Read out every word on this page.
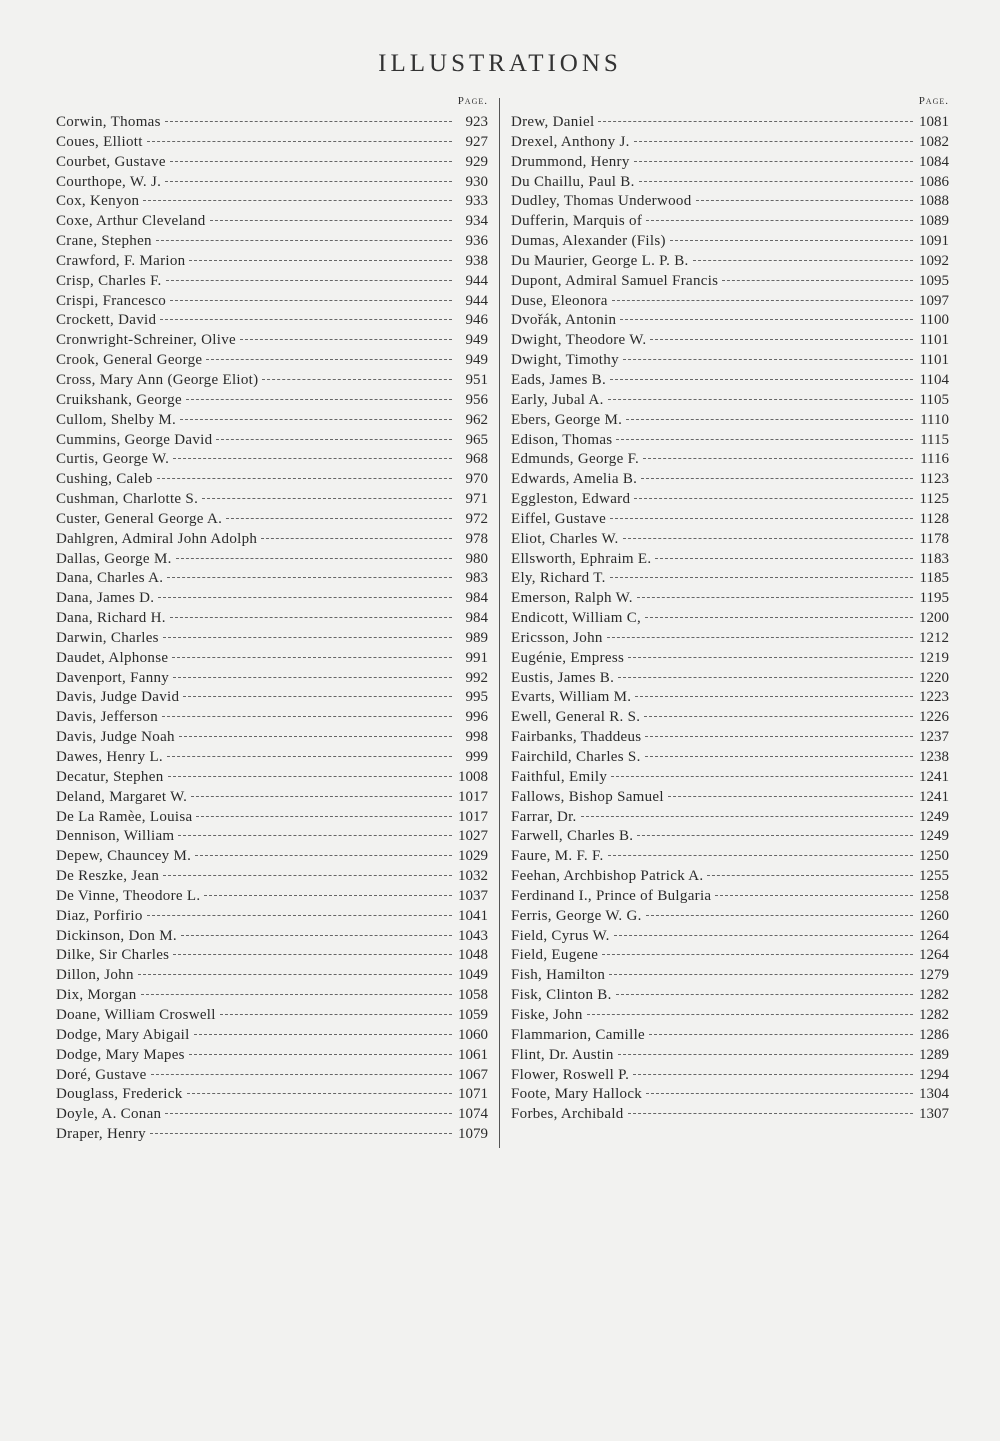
ILLUSTRATIONS
Page.
Corwin, Thomas	923
Coues, Elliott	927
Courbet, Gustave	929
Courthope, W. J.	930
Cox, Kenyon	933
Coxe, Arthur Cleveland	934
Crane, Stephen	936
Crawford, F. Marion	938
Crisp, Charles F.	944
Crispi, Francesco	944
Crockett, David	946
Cronwright-Schreiner, Olive	949
Crook, General George	949
Cross, Mary Ann (George Eliot)	951
Cruikshank, George	956
Cullom, Shelby M.	962
Cummins, George David	965
Curtis, George W.	968
Cushing, Caleb	970
Cushman, Charlotte S.	971
Custer, General George A.	972
Dahlgren, Admiral John Adolph	978
Dallas, George M.	980
Dana, Charles A.	983
Dana, James D.	984
Dana, Richard H.	984
Darwin, Charles	989
Daudet, Alphonse	991
Davenport, Fanny	992
Davis, Judge David	995
Davis, Jefferson	996
Davis, Judge Noah	998
Dawes, Henry L.	999
Decatur, Stephen	1008
Deland, Margaret W.	1017
De La Ramèe, Louisa	1017
Dennison, William	1027
Depew, Chauncey M.	1029
De Reszke, Jean	1032
De Vinne, Theodore L.	1037
Diaz, Porfirio	1041
Dickinson, Don M.	1043
Dilke, Sir Charles	1048
Dillon, John	1049
Dix, Morgan	1058
Doane, William Croswell	1059
Dodge, Mary Abigail	1060
Dodge, Mary Mapes	1061
Doré, Gustave	1067
Douglass, Frederick	1071
Doyle, A. Conan	1074
Draper, Henry	1079
Page.
Drew, Daniel	1081
Drexel, Anthony J.	1082
Drummond, Henry	1084
Du Chaillu, Paul B.	1086
Dudley, Thomas Underwood	1088
Dufferin, Marquis of	1089
Dumas, Alexander (Fils)	1091
Du Maurier, George L. P. B.	1092
Dupont, Admiral Samuel Francis	1095
Duse, Eleonora	1097
Dvořák, Antonin	1100
Dwight, Theodore W.	1101
Dwight, Timothy	1101
Eads, James B.	1104
Early, Jubal A.	1105
Ebers, George M.	1110
Edison, Thomas	1115
Edmunds, George F.	1116
Edwards, Amelia B.	1123
Eggleston, Edward	1125
Eiffel, Gustave	1128
Eliot, Charles W.	1178
Ellsworth, Ephraim E.	1183
Ely, Richard T.	1185
Emerson, Ralph W.	1195
Endicott, William C,	1200
Ericsson, John	1212
Eugénie, Empress	1219
Eustis, James B.	1220
Evarts, William M.	1223
Ewell, General R. S.	1226
Fairbanks, Thaddeus	1237
Fairchild, Charles S.	1238
Faithful, Emily	1241
Fallows, Bishop Samuel	1241
Farrar, Dr.	1249
Farwell, Charles B.	1249
Faure, M. F. F.	1250
Feehan, Archbishop Patrick A.	1255
Ferdinand I., Prince of Bulgaria	1258
Ferris, George W. G.	1260
Field, Cyrus W.	1264
Field, Eugene	1264
Fish, Hamilton	1279
Fisk, Clinton B.	1282
Fiske, John	1282
Flammarion, Camille	1286
Flint, Dr. Austin	1289
Flower, Roswell P.	1294
Foote, Mary Hallock	1304
Forbes, Archibald	1307
